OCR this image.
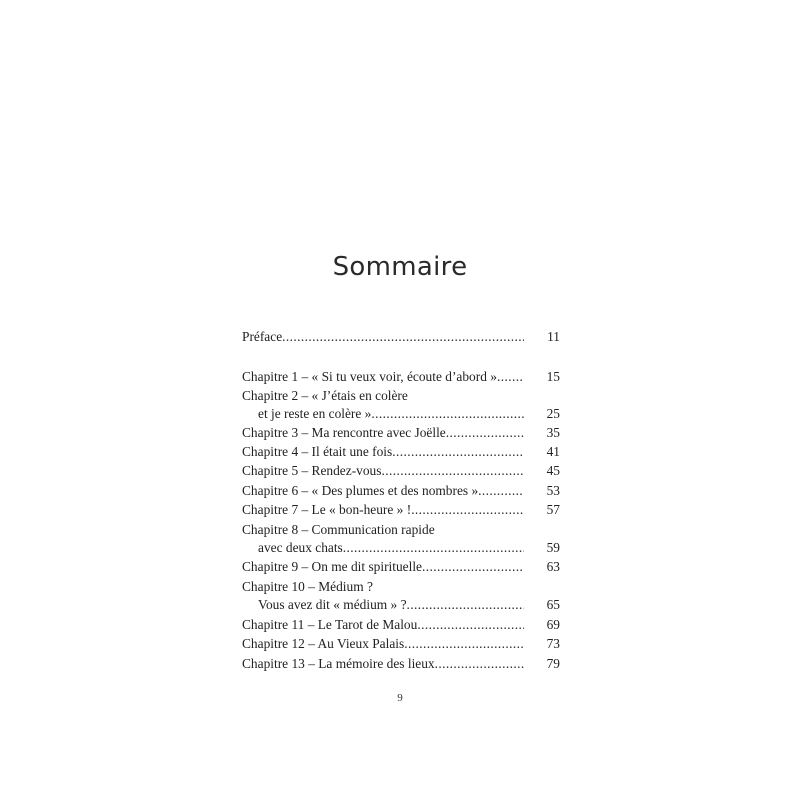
Sommaire
Préface .....	11
Chapitre 1 – « Si tu veux voir, écoute d’abord » .....	15
Chapitre 2 – « J’étais en colère
et je reste en colère » .....	25
Chapitre 3 – Ma rencontre avec Joëlle .....	35
Chapitre 4 – Il était une fois .....	41
Chapitre 5 – Rendez-vous .....	45
Chapitre 6 – « Des plumes et des nombres » .....	53
Chapitre 7 – Le « bon-heure » ! .....	57
Chapitre 8 – Communication rapide
avec deux chats .....	59
Chapitre 9 – On me dit spirituelle .....	63
Chapitre 10 – Médium ?
Vous avez dit « médium » ? .....	65
Chapitre 11 – Le Tarot de Malou .....	69
Chapitre 12 – Au Vieux Palais .....	73
Chapitre 13 – La mémoire des lieux .....	79
9
